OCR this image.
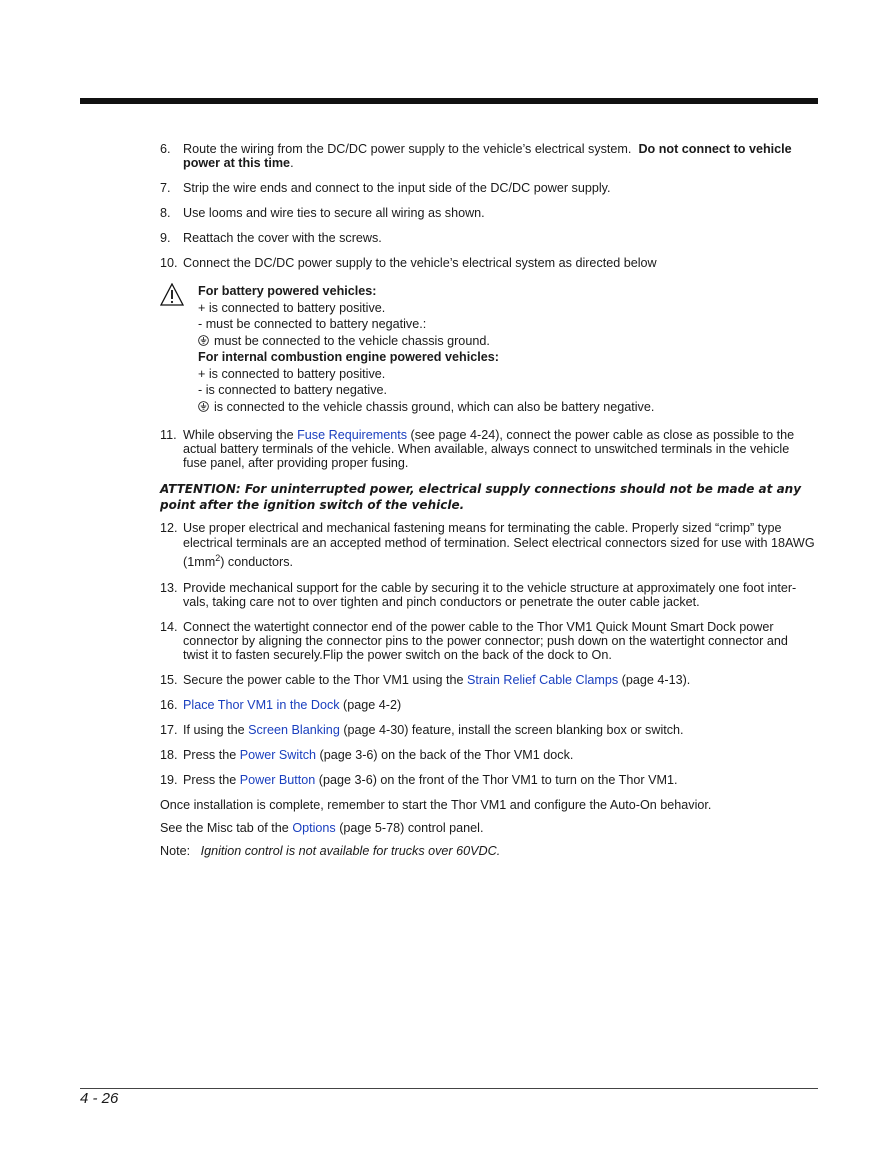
6. Route the wiring from the DC/DC power supply to the vehicle’s electrical system. Do not connect to vehicle power at this time.
7. Strip the wire ends and connect to the input side of the DC/DC power supply.
8. Use looms and wire ties to secure all wiring as shown.
9. Reattach the cover with the screws.
10. Connect the DC/DC power supply to the vehicle’s electrical system as directed below
For battery powered vehicles:
+ is connected to battery positive.
- must be connected to battery negative.:
must be connected to the vehicle chassis ground.
For internal combustion engine powered vehicles:
+ is connected to battery positive.
- is connected to battery negative.
is connected to the vehicle chassis ground, which can also be battery negative.
11. While observing the Fuse Requirements (see page 4-24), connect the power cable as close as possible to the actual battery terminals of the vehicle. When available, always connect to unswitched terminals in the vehicle fuse panel, after providing proper fusing.
ATTENTION: For uninterrupted power, electrical supply connections should not be made at any point after the ignition switch of the vehicle.
12. Use proper electrical and mechanical fastening means for terminating the cable. Properly sized “crimp” type electrical terminals are an accepted method of termination. Select electrical connectors sized for use with 18AWG $(1mm^2)$ conductors.
13. Provide mechanical support for the cable by securing it to the vehicle structure at approximately one foot inter-vals, taking care not to over tighten and pinch conductors or penetrate the outer cable jacket.
14. Connect the watertight connector end of the power cable to the Thor VM1 Quick Mount Smart Dock power connector by aligning the connector pins to the power connector; push down on the watertight connector and twist it to fasten securely.Flip the power switch on the back of the dock to On.
15. Secure the power cable to the Thor VM1 using the Strain Relief Cable Clamps (page 4-13).
16. Place Thor VM1 in the Dock (page 4-2)
17. If using the Screen Blanking (page 4-30) feature, install the screen blanking box or switch.
18. Press the Power Switch (page 3-6) on the back of the Thor VM1 dock.
19. Press the Power Button (page 3-6) on the front of the Thor VM1 to turn on the Thor VM1.
Once installation is complete, remember to start the Thor VM1 and configure the Auto-On behavior.
See the Misc tab of the Options (page 5-78) control panel.
Note: Ignition control is not available for trucks over 60VDC.
4 - 26
